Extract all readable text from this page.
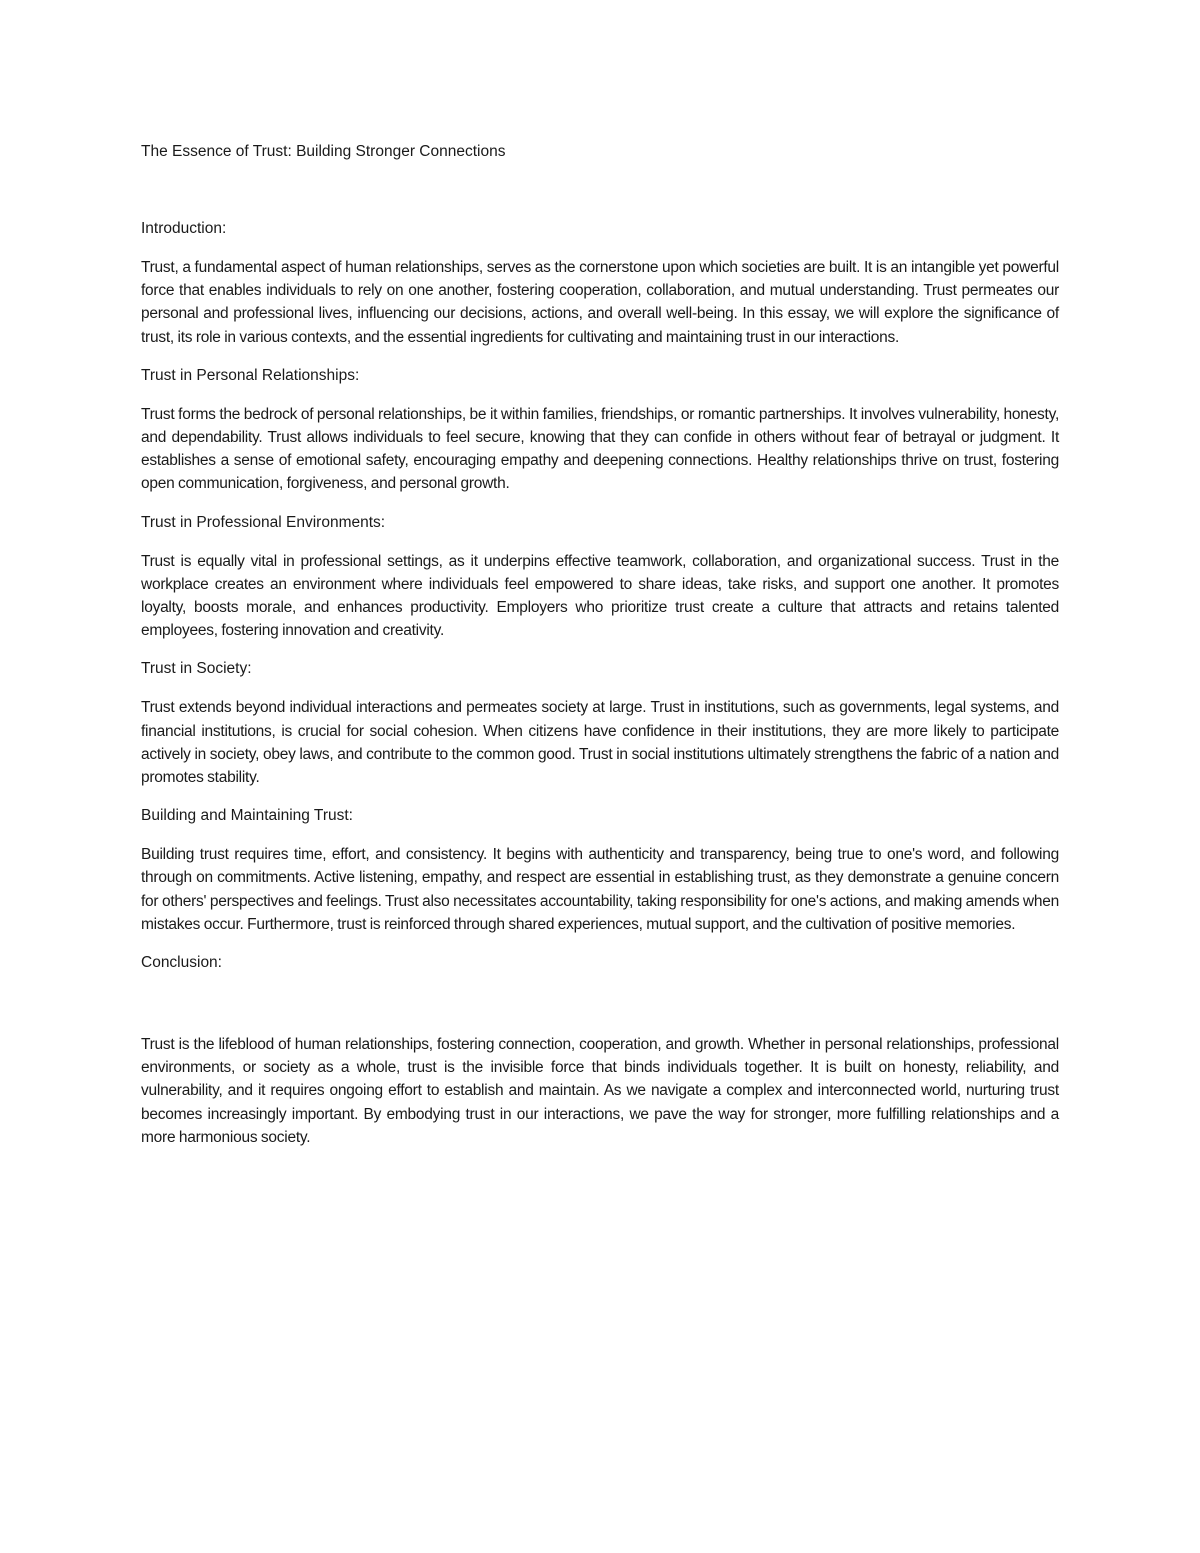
The Essence of Trust: Building Stronger Connections

Introduction:

Trust, a fundamental aspect of human relationships, serves as the cornerstone upon which societies are built. It is an intangible yet powerful force that enables individuals to rely on one another, fostering cooperation, collaboration, and mutual understanding. Trust permeates our personal and professional lives, influencing our decisions, actions, and overall well-being. In this essay, we will explore the significance of trust, its role in various contexts, and the essential ingredients for cultivating and maintaining trust in our interactions.

Trust in Personal Relationships:

Trust forms the bedrock of personal relationships, be it within families, friendships, or romantic partnerships. It involves vulnerability, honesty, and dependability. Trust allows individuals to feel secure, knowing that they can confide in others without fear of betrayal or judgment. It establishes a sense of emotional safety, encouraging empathy and deepening connections. Healthy relationships thrive on trust, fostering open communication, forgiveness, and personal growth.

Trust in Professional Environments:

Trust is equally vital in professional settings, as it underpins effective teamwork, collaboration, and organizational success. Trust in the workplace creates an environment where individuals feel empowered to share ideas, take risks, and support one another. It promotes loyalty, boosts morale, and enhances productivity. Employers who prioritize trust create a culture that attracts and retains talented employees, fostering innovation and creativity.

Trust in Society:

Trust extends beyond individual interactions and permeates society at large. Trust in institutions, such as governments, legal systems, and financial institutions, is crucial for social cohesion. When citizens have confidence in their institutions, they are more likely to participate actively in society, obey laws, and contribute to the common good. Trust in social institutions ultimately strengthens the fabric of a nation and promotes stability.

Building and Maintaining Trust:

Building trust requires time, effort, and consistency. It begins with authenticity and transparency, being true to one's word, and following through on commitments. Active listening, empathy, and respect are essential in establishing trust, as they demonstrate a genuine concern for others' perspectives and feelings. Trust also necessitates accountability, taking responsibility for one's actions, and making amends when mistakes occur. Furthermore, trust is reinforced through shared experiences, mutual support, and the cultivation of positive memories.

Conclusion:

Trust is the lifeblood of human relationships, fostering connection, cooperation, and growth. Whether in personal relationships, professional environments, or society as a whole, trust is the invisible force that binds individuals together. It is built on honesty, reliability, and vulnerability, and it requires ongoing effort to establish and maintain. As we navigate a complex and interconnected world, nurturing trust becomes increasingly important. By embodying trust in our interactions, we pave the way for stronger, more fulfilling relationships and a more harmonious society.
